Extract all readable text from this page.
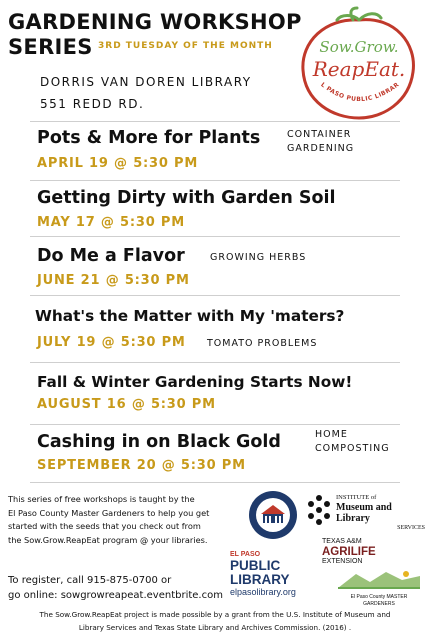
GARDENING WORKSHOP
SERIES 3RD TUESDAY OF THE MONTH
DORRIS VAN DOREN LIBRARY
551 REDD RD.
Sow.Grow.
ReapEat.
L PASO PUBLIC LIBRAR
Pots & More for Plants	CONTAINER
GARDENING
APRIL 19 @ 5:30 PM
Getting Dirty with Garden Soil
MAY 17 @ 5:30 PM
Do Me a Flavor	GROWING HERBS
JUNE 21 @ 5:30 PM
What's the Matter with My 'maters?
JULY 19 @ 5:30 PM TOMATO PROBLEMS
Fall & Winter Gardening Starts Now!
AUGUST 16 @ 5:30 PM
Cashing in on Black Gold	HOME
COMPOSTING
SEPTEMBER 20 @ 5:30 PM
This series of free workshops is taught by the
El Paso County Master Gardeners to help you get
started with the seeds that you check out from
the Sow.Grow.ReapEat program @ your libraries.
To register, call 915-875-0700 or
go online: sowgrowreapeat.eventbrite.com
INSTITUTE of
Museum and Library
SERVICES
TEXAS A&M
AGRILIFE
EXTENSION
EL PASO
PUBLIC LIBRARY
elpasolibrary.org	El Paso County MASTER GARDENERS
The Sow.Grow.ReapEat project is made possible by a grant from the U.S. Institute of Museum and
Library Services and Texas State Library and Archives Commission. (2016) .
